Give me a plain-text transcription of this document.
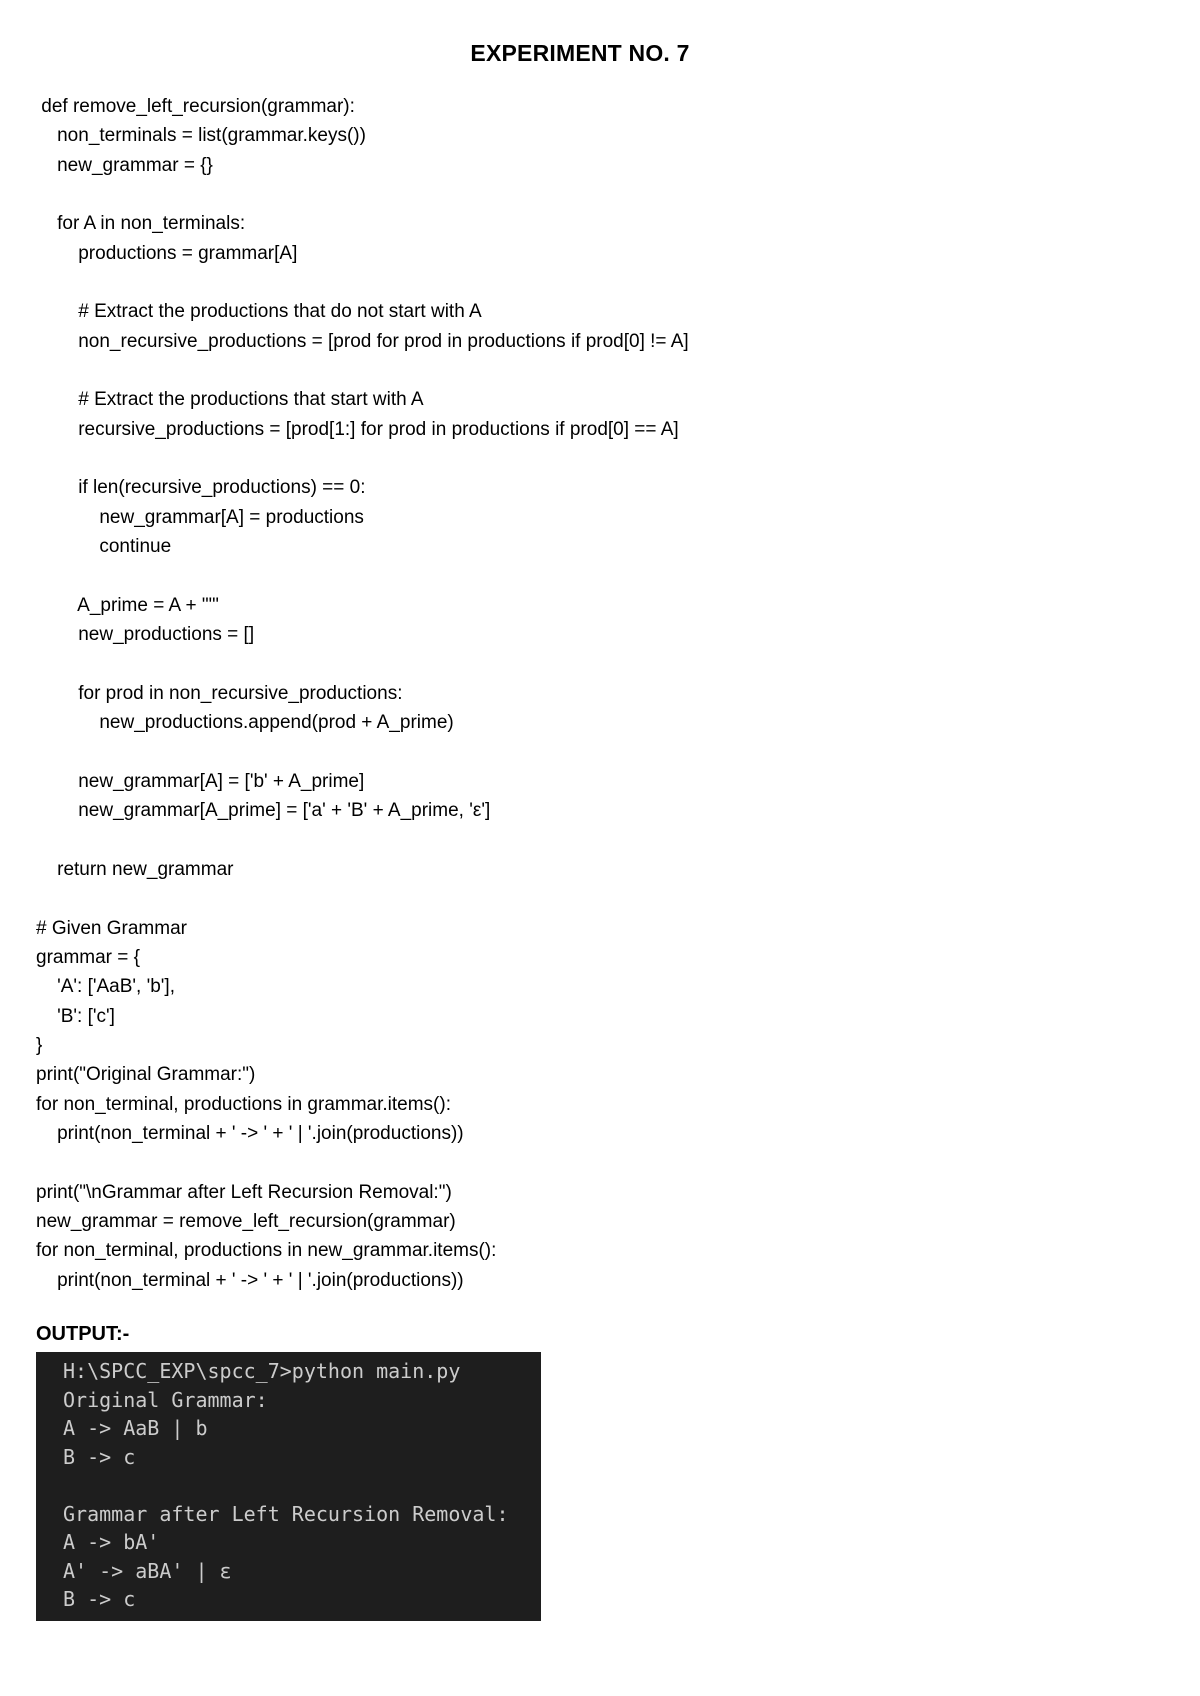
EXPERIMENT NO. 7
def remove_left_recursion(grammar):
non_terminals = list(grammar.keys())
new_grammar = {}
for A in non_terminals:
productions = grammar[A]
# Extract the productions that do not start with A
non_recursive_productions = [prod for prod in productions if prod[0] != A]
# Extract the productions that start with A
recursive_productions = [prod[1:] for prod in productions if prod[0] == A]
if len(recursive_productions) == 0:
new_grammar[A] = productions
continue
A_prime = A + "'"
new_productions = []
for prod in non_recursive_productions:
new_productions.append(prod + A_prime)
new_grammar[A] = ['b' + A_prime]
new_grammar[A_prime] = ['a' + 'B' + A_prime, 'ε']
return new_grammar
# Given Grammar
grammar = {
'A': ['AaB', 'b'],
'B': ['c']
}
print("Original Grammar:")
for non_terminal, productions in grammar.items():
print(non_terminal + ' -> ' + ' | '.join(productions))
print("\nGrammar after Left Recursion Removal:")
new_grammar = remove_left_recursion(grammar)
for non_terminal, productions in new_grammar.items():
print(non_terminal + ' -> ' + ' | '.join(productions))
OUTPUT:-
H:\SPCC_EXP\spcc_7>python main.py
Original Grammar:
A -> AaB | b
B -> c
Grammar after Left Recursion Removal:
A -> bA'
A' -> aBA' | ε
B -> c
